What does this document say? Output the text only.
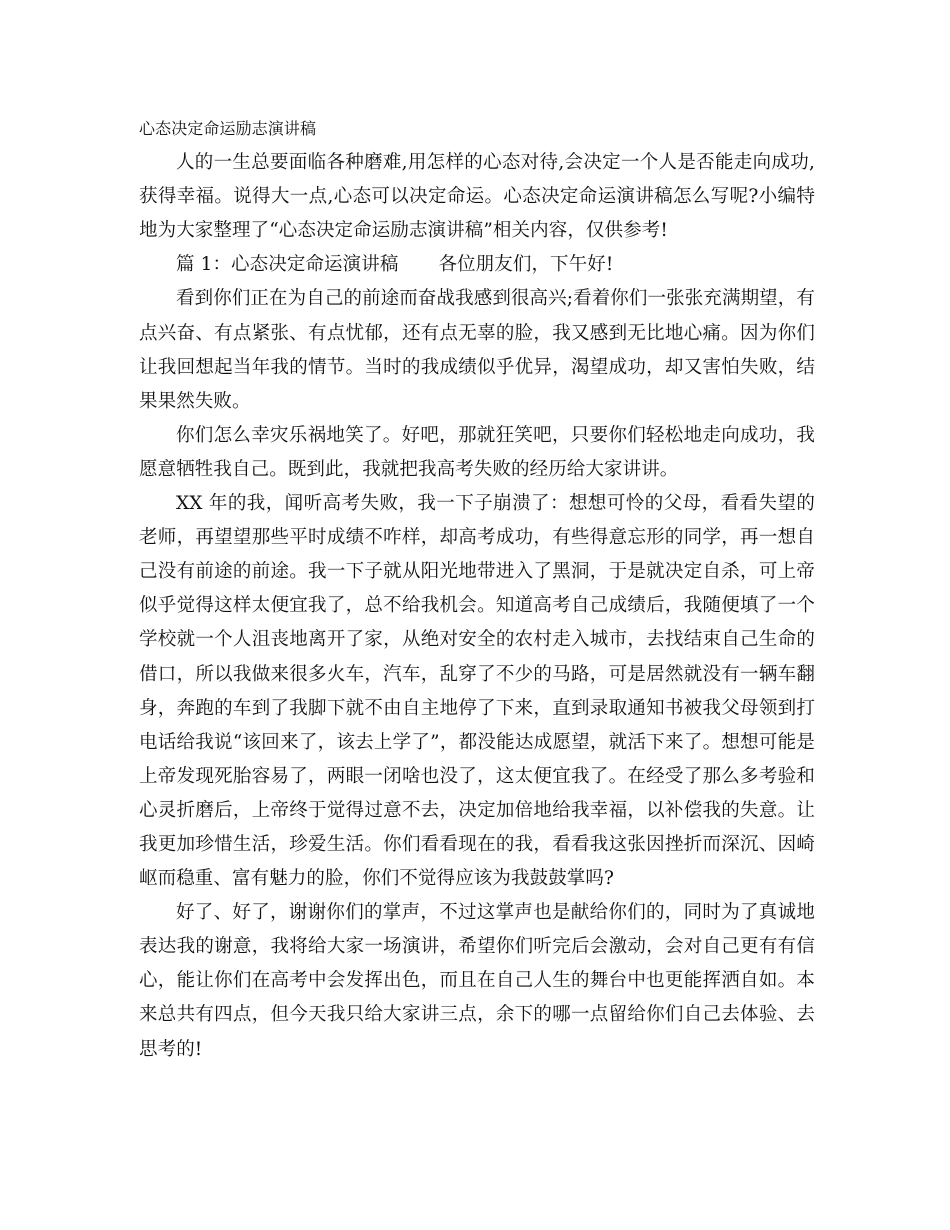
心态决定命运励志演讲稿

人的一生总要面临各种磨难,用怎样的心态对待,会决定一个人是否能走向成功,获得幸福。说得大一点,心态可以决定命运。心态决定命运演讲稿怎么写呢?小编特地为大家整理了“心态决定命运励志演讲稿”相关内容，仅供参考!

篇 1：心态决定命运演讲稿 各位朋友们，下午好!

看到你们正在为自己的前途而奋战我感到很高兴;看着你们一张张充满期望，有点兴奋、有点紧张、有点忧郁，还有点无辜的脸，我又感到无比地心痛。因为你们让我回想起当年我的情节。当时的我成绩似乎优异，渴望成功，却又害怕失败，结果果然失败。

你们怎么幸灾乐祸地笑了。好吧，那就狂笑吧，只要你们轻松地走向成功，我愿意牺牲我自己。既到此，我就把我高考失败的经历给大家讲讲。

XX 年的我，闻听高考失败，我一下子崩溃了：想想可怜的父母，看看失望的老师，再望望那些平时成绩不咋样，却高考成功，有些得意忘形的同学，再一想自己没有前途的前途。我一下子就从阳光地带进入了黑洞，于是就决定自杀，可上帝似乎觉得这样太便宜我了，总不给我机会。知道高考自己成绩后，我随便填了一个学校就一个人沮丧地离开了家，从绝对安全的农村走入城市，去找结束自己生命的借口，所以我做来很多火车，汽车，乱穿了不少的马路，可是居然就没有一辆车翻身，奔跑的车到了我脚下就不由自主地停了下来，直到录取通知书被我父母领到打电话给我说“该回来了，该去上学了”，都没能达成愿望，就活下来了。想想可能是上帝发现死胎容易了，两眼一闭啥也没了，这太便宜我了。在经受了那么多考验和心灵折磨后，上帝终于觉得过意不去，决定加倍地给我幸福，以补偿我的失意。让我更加珍惜生活，珍爱生活。你们看看现在的我，看看我这张因挫折而深沉、因崎岖而稳重、富有魅力的脸，你们不觉得应该为我鼓鼓掌吗?

好了、好了，谢谢你们的掌声，不过这掌声也是献给你们的，同时为了真诚地表达我的谢意，我将给大家一场演讲，希望你们听完后会激动，会对自己更有有信心，能让你们在高考中会发挥出色，而且在自己人生的舞台中也更能挥洒自如。本来总共有四点，但今天我只给大家讲三点，余下的哪一点留给你们自己去体验、去思考的!
